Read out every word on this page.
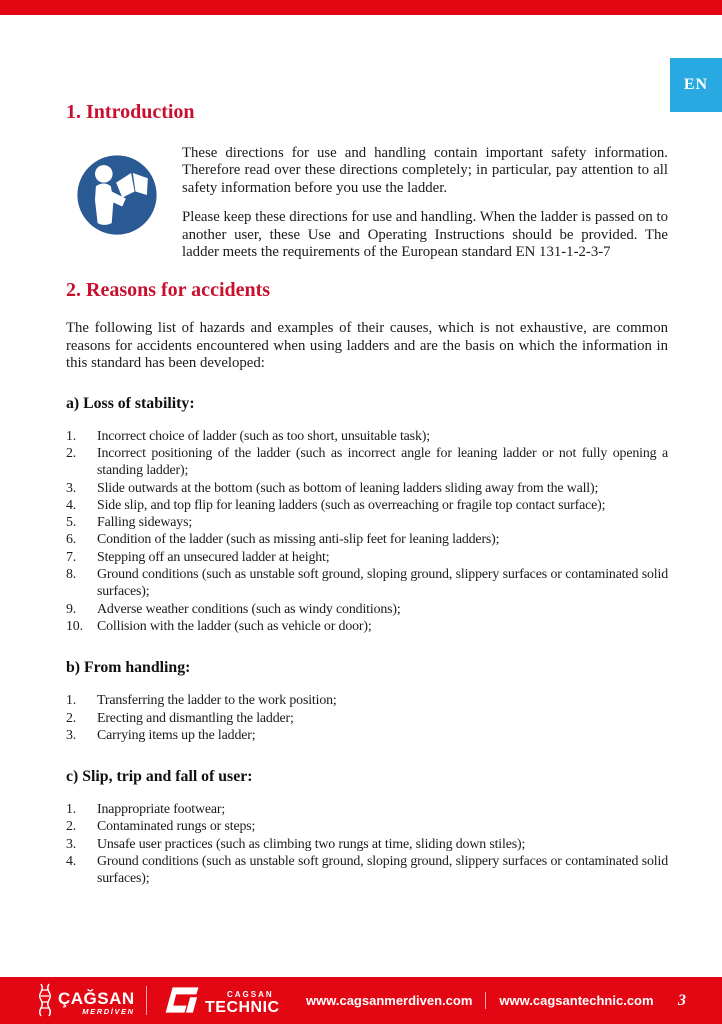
EN
1. Introduction

These directions for use and handling contain important safety information. Therefore read over these directions completely; in particular, pay attention to all safety information before you use the ladder.

Please keep these directions for use and handling. When the ladder is passed on to another user, these Use and Operating Instructions should be provided. The ladder meets the requirements of the European standard EN 131-1-2-3-7

2. Reasons for accidents

The following list of hazards and examples of their causes, which is not exhaustive, are common reasons for accidents encountered when using ladders and are the basis on which the information in this standard has been developed:

a) Loss of stability:
Incorrect choice of ladder (such as too short, unsuitable task);
Incorrect positioning of the ladder (such as incorrect angle for leaning ladder or not fully opening a standing ladder);
Slide outwards at the bottom (such as bottom of leaning ladders sliding away from the wall);
Side slip, and top flip for leaning ladders (such as overreaching or fragile top contact surface);
Falling sideways;
Condition of the ladder (such as missing anti-slip feet for leaning ladders);
Stepping off an unsecured ladder at height;
Ground conditions (such as unstable soft ground, sloping ground, slippery surfaces or contaminated solid surfaces);
Adverse weather conditions (such as windy conditions);
Collision with the ladder (such as vehicle or door);
b) From handling:
Transferring the ladder to the work position;
Erecting and dismantling the ladder;
Carrying items up the ladder;
c) Slip, trip and fall of user:
Inappropriate footwear;
Contaminated rungs or steps;
Unsafe user practices (such as climbing two rungs at time, sliding down stiles);
Ground conditions (such as unstable soft ground, sloping ground, slippery surfaces or contaminated solid surfaces);
ÇAĞSAN
MERDİVEN
CAGSAN
TECHNIC www.cagsanmerdiven.com www.cagsantechnic.com 3
